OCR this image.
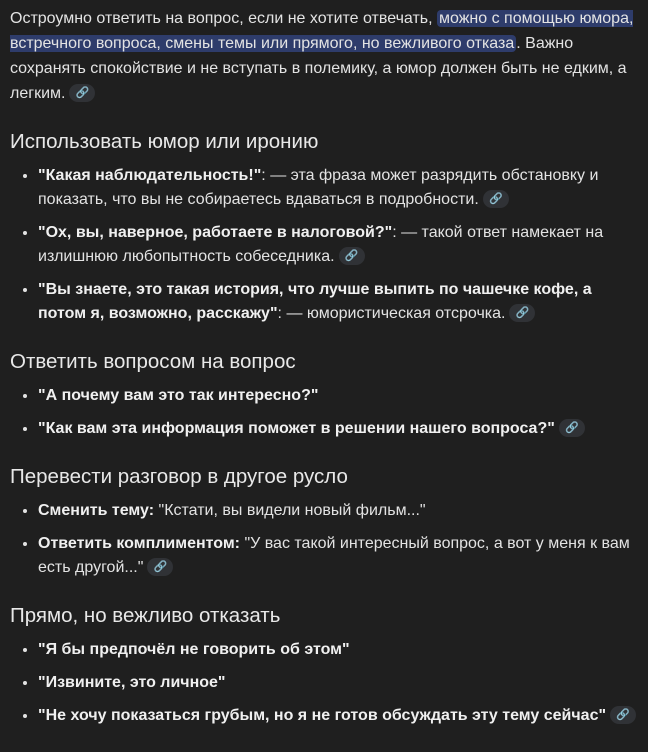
Остроумно ответить на вопрос, если не хотите отвечать, можно с помощью юмора, встречного вопроса, смены темы или прямого, но вежливого отказа . Важно сохранять спокойствие и не вступать в полемику, а юмор должен быть не едким, а легким. 🔗

Использовать юмор или иронию
• "Какая наблюдательность!": — эта фраза может разрядить обстановку и показать, что вы не собираетесь вдаваться в подробности. 🔗
• "Ох, вы, наверное, работаете в налоговой?": — такой ответ намекает на излишнюю любопытность собеседника. 🔗
• "Вы знаете, это такая история, что лучше выпить по чашечке кофе, а потом я, возможно, расскажу": — юмористическая отсрочка. 🔗
Ответить вопросом на вопрос
• "А почему вам это так интересно?"
• "Как вам эта информация поможет в решении нашего вопроса?" 🔗
Перевести разговор в другое русло
• Сменить тему: "Кстати, вы видели новый фильм..."
• Ответить комплиментом: "У вас такой интересный вопрос, а вот у меня к вам есть другой..." 🔗
Прямо, но вежливо отказать
• "Я бы предпочёл не говорить об этом"
• "Извините, это личное"
• "Не хочу показаться грубым, но я не готов обсуждать эту тему сейчас" 🔗
